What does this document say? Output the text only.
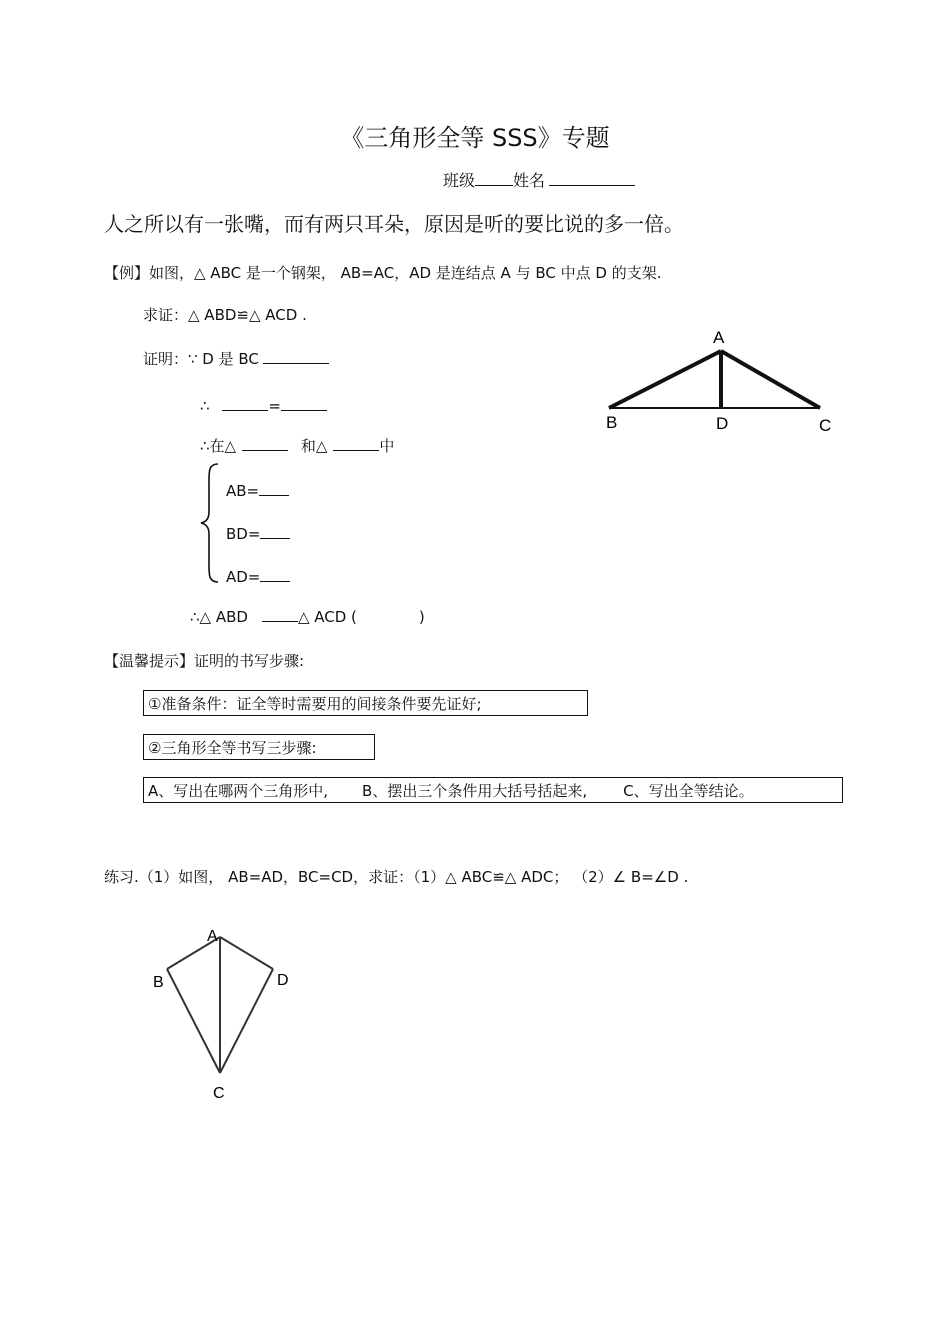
《三角形全等 SSS》专题
班级 姓名
人之所以有一张嘴，而有两只耳朵，原因是听的要比说的多一倍。
【例】如图，△ ABC 是一个钢架， AB=AC，AD 是连结点 A 与 BC 中点 D 的支架.
求证：△ ABD≌△ ACD .
证明：∵ D 是 BC
∴	=
∴在△	和△	中
AB=
BD=
AD=
∴△ ABD	△ ACD (	)
【温馨提示】证明的书写步骤:
①准备条件：证全等时需要用的间接条件要先证好;
②三角形全等书写三步骤:
A、写出在哪两个三角形中, B、摆出三个条件用大括号括起来, C、写出全等结论。
练习.（1）如图， AB=AD，BC=CD，求证：（1）△ ABC≌△ ADC； （2）∠ B=∠D .
A
B	D	C
A
B	D
C
